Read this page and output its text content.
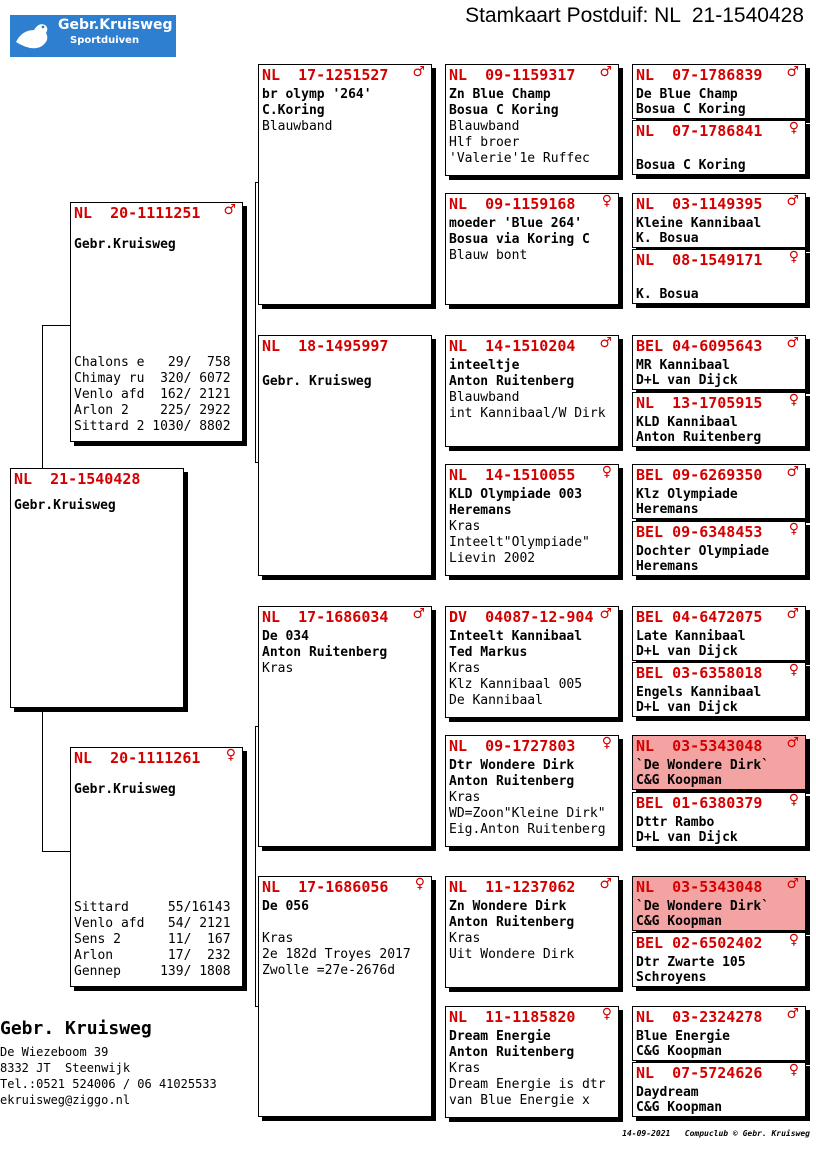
Gebr.Kruisweg
Sportduiven
Stamkaart Postduif: NL  21-1540428
NL  21-1540428
Gebr.Kruisweg
NL  20-1111251 ♂
Gebr.Kruisweg
Chalons e   29/  758
Chimay ru  320/ 6072
Venlo afd  162/ 2121
Arlon 2    225/ 2922
Sittard 2 1030/ 8802
NL  20-1111261 ♀
Gebr.Kruisweg
Sittard     55/16143
Venlo afd   54/ 2121
Sens 2      11/  167
Arlon       17/  232
Gennep     139/ 1808
NL  17-1251527 ♂
br olymp '264'
C.Koring
Blauwband
NL  18-1495997
Gebr. Kruisweg
NL  17-1686034 ♂
De 034
Anton Ruitenberg
Kras
NL  17-1686056 ♀
De 056
Kras
2e 182d Troyes 2017
Zwolle =27e-2676d
NL  09-1159317 ♂
Zn Blue Champ
Bosua C Koring
Blauwband
Hlf broer
'Valerie'1e Ruffec
NL  09-1159168 ♀
moeder 'Blue 264'
Bosua via Koring C
Blauw bont
NL  14-1510204 ♂
inteeltje
Anton Ruitenberg
Blauwband
int Kannibaal/W Dirk
NL  14-1510055 ♀
KLD Olympiade 003
Heremans
Kras
Inteelt"Olympiade"
Lievin 2002
DV  04087-12-904 ♂
Inteelt Kannibaal
Ted Markus
Kras
Klz Kannibaal 005
De Kannibaal
NL  09-1727803 ♀
Dtr Wondere Dirk
Anton Ruitenberg
Kras
WD=Zoon"Kleine Dirk"
Eig.Anton Ruitenberg
NL  11-1237062 ♂
Zn Wondere Dirk
Anton Ruitenberg
Kras
Uit Wondere Dirk
NL  11-1185820 ♀
Dream Energie
Anton Ruitenberg
Kras
Dream Energie is dtr
van Blue Energie x
NL  07-1786839 ♂
De Blue Champ
Bosua C Koring
NL  07-1786841 ♀
Bosua C Koring
NL  03-1149395 ♂
Kleine Kannibaal
K. Bosua
NL  08-1549171 ♀
K. Bosua
BEL 04-6095643 ♂
MR Kannibaal
D+L van Dijck
NL  13-1705915 ♀
KLD Kannibaal
Anton Ruitenberg
BEL 09-6269350 ♂
Klz Olympiade
Heremans
BEL 09-6348453 ♀
Dochter Olympiade
Heremans
BEL 04-6472075 ♂
Late Kannibaal
D+L van Dijck
BEL 03-6358018 ♀
Engels Kannibaal
D+L van Dijck
NL  03-5343048 ♂
`De Wondere Dirk`
C&G Koopman
BEL 01-6380379 ♀
Dttr Rambo
D+L van Dijck
NL  03-5343048 ♂
`De Wondere Dirk`
C&G Koopman
BEL 02-6502402 ♀
Dtr Zwarte 105
Schroyens
NL  03-2324278 ♂
Blue Energie
C&G Koopman
NL  07-5724626 ♀
Daydream
C&G Koopman
Gebr. Kruisweg
De Wiezeboom 39
8332 JT  Steenwijk
Tel.:0521 524006 / 06 41025533
ekruisweg@ziggo.nl
14-09-2021   Compuclub © Gebr. Kruisweg
